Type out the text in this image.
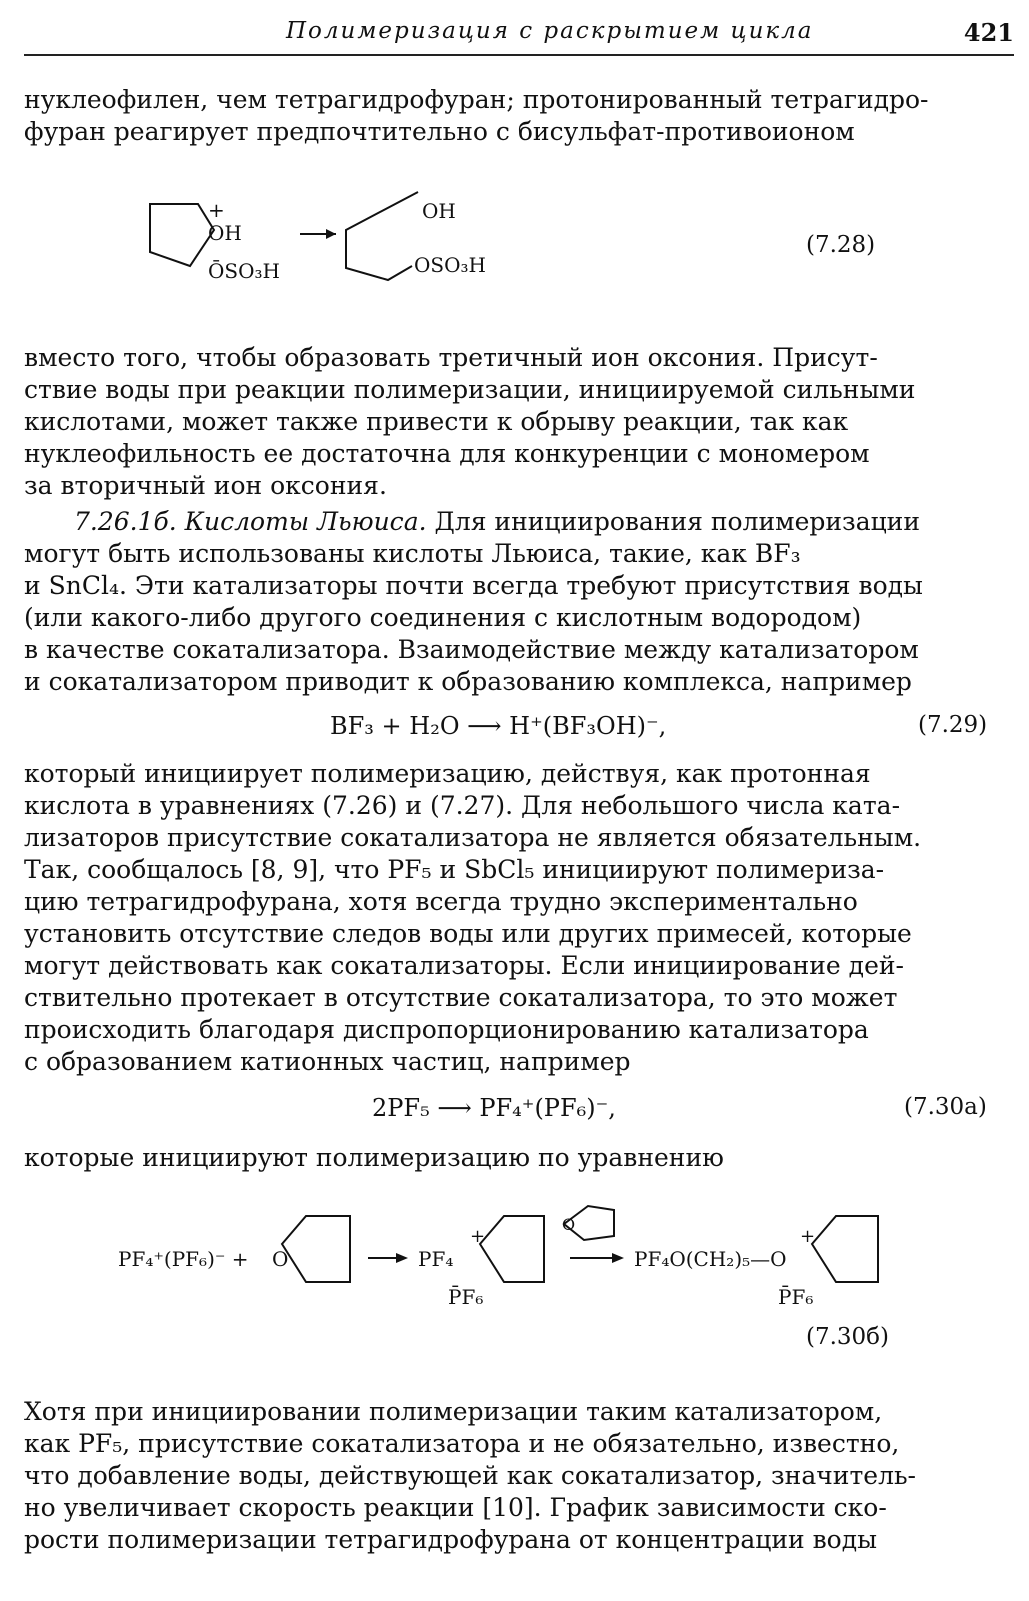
Полимеризация с раскрытием цикла	421
нуклеофилен, чем тетрагидрофуран; протонированный тетрагидро-
фуран реагирует предпочтительно с бисульфат-противоионом
+
OH
ŌSO₃H
OH
OSO₃H
(7.28)
вместо того, чтобы образовать третичный ион оксония. Присут-
ствие воды при реакции полимеризации, инициируемой сильными
кислотами, может также привести к обрыву реакции, так как
нуклеофильность ее достаточна для конкуренции с мономером
за вторичный ион оксония.
7.26.1б. Кислоты Льюиса. Для инициирования полимеризации
могут быть использованы кислоты Льюиса, такие, как BF₃
и SnCl₄. Эти катализаторы почти всегда требуют присутствия воды
(или какого-либо другого соединения с кислотным водородом)
в качестве сокатализатора. Взаимодействие между катализатором
и сокатализатором приводит к образованию комплекса, например
BF₃ + H₂O ⟶ H⁺(BF₃OH)⁻,	(7.29)
который инициирует полимеризацию, действуя, как протонная
кислота в уравнениях (7.26) и (7.27). Для небольшого числа ката-
лизаторов присутствие сокатализатора не является обязательным.
Так, сообщалось [8, 9], что PF₅ и SbCl₅ инициируют полимериза-
цию тетрагидрофурана, хотя всегда трудно экспериментально
установить отсутствие следов воды или других примесей, которые
могут действовать как сокатализаторы. Если инициирование дей-
ствительно протекает в отсутствие сокатализатора, то это может
происходить благодаря диспропорционированию катализатора
с образованием катионных частиц, например
2PF₅ ⟶ PF₄⁺(PF₆)⁻,	(7.30a)
которые инициируют полимеризацию по уравнению
PF₄⁺(PF₆)⁻ + O	PF₄
+
P̄F₆
O
PF₄O(CH₂)₅—O
+
P̄F₆
(7.30б)
Хотя при инициировании полимеризации таким катализатором,
как PF₅, присутствие сокатализатора и не обязательно, известно,
что добавление воды, действующей как сокатализатор, значитель-
но увеличивает скорость реакции [10]. График зависимости ско-
рости полимеризации тетрагидрофурана от концентрации воды
